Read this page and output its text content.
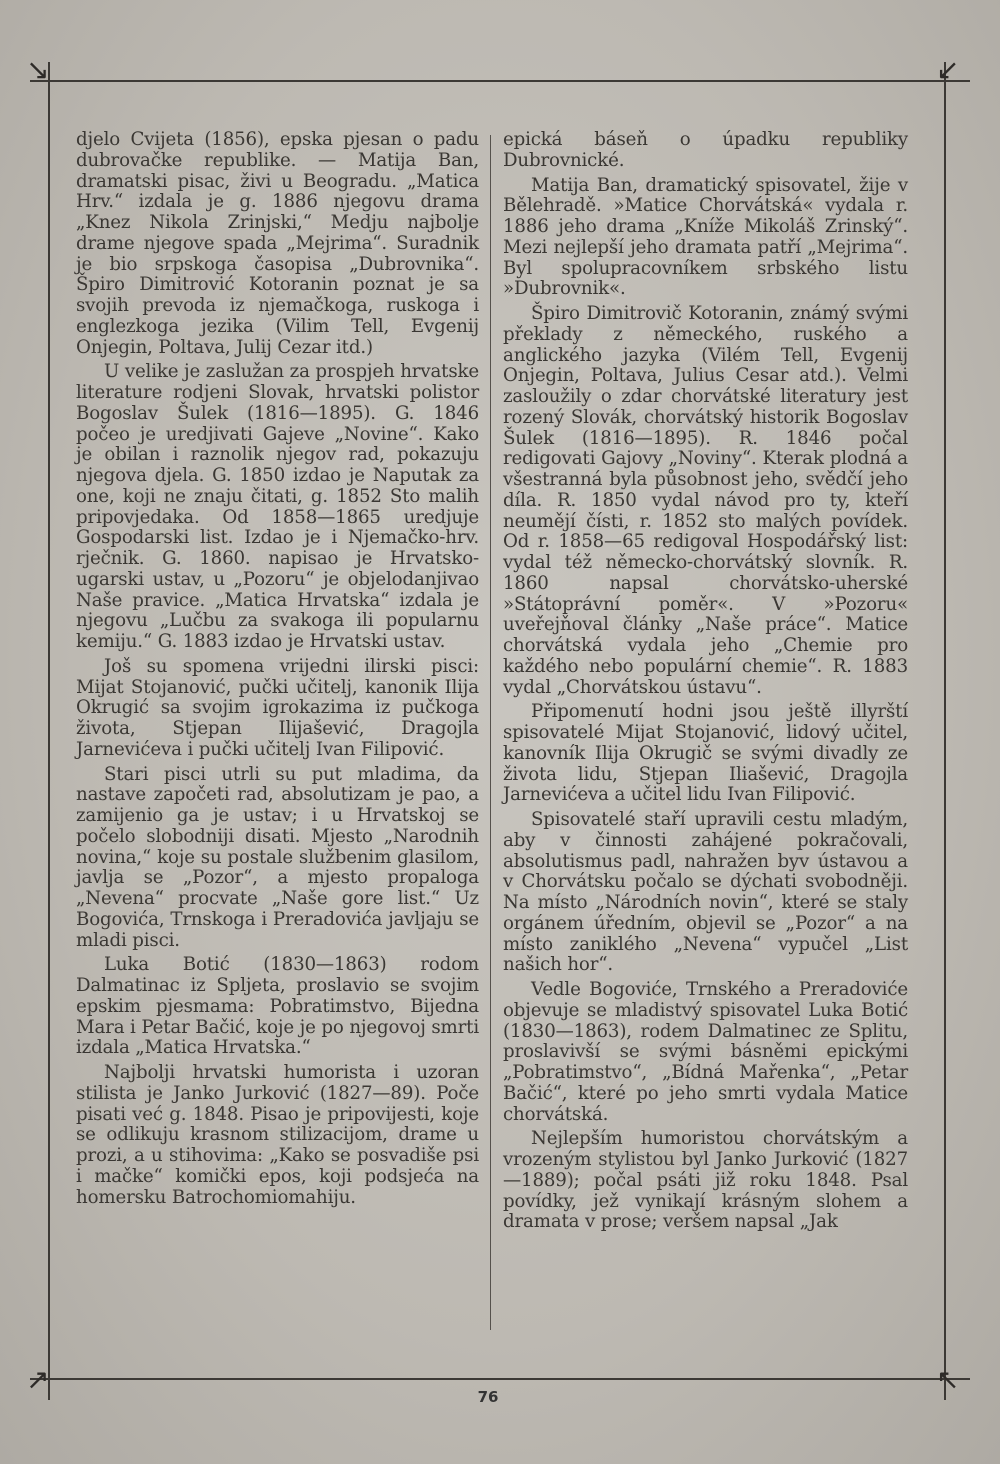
↘	↙
↗	↖

djelo Cvijeta (1856), epska pjesan o padu dubrovačke republike. — Matija Ban, dramatski pisac, živi u Beogradu. „Matica Hrv.“ izdala je g. 1886 njegovu drama „Knez Nikola Zrinjski,“ Medju najbolje drame njegove spada „Mejrima“. Suradnik je bio srpskoga časopisa „Dubrovnika“. Špiro Dimitrović Kotoranin poznat je sa svojih prevoda iz njemačkoga, ruskoga i englezkoga jezika (Vilim Tell, Evgenij Onjegin, Poltava, Julij Cezar itd.)

U velike je zaslužan za prospjeh hrvatske literature rodjeni Slovak, hrvatski polistor Bogoslav Šulek (1816—1895). G. 1846 počeo je uredjivati Gajeve „Novine“. Kako je obilan i raznolik njegov rad, pokazuju njegova djela. G. 1850 izdao je Naputak za one, koji ne znaju čitati, g. 1852 Sto malih pripovjedaka. Od 1858—1865 uredjuje Gospodarski list. Izdao je i Njemačko-hrv. rječnik. G. 1860. napisao je Hrvatsko-ugarski ustav, u „Pozoru“ je objelodanjivao Naše pravice. „Matica Hrvatska“ izdala je njegovu „Lučbu za svakoga ili popularnu kemiju.“ G. 1883 izdao je Hrvatski ustav.

Još su spomena vrijedni ilirski pisci: Mijat Stojanović, pučki učitelj, kanonik Ilija Okrugić sa svojim igrokazima iz pučkoga života, Stjepan Ilijašević, Dragojla Jarnevićeva i pučki učitelj Ivan Filipović.

Stari pisci utrli su put mladima, da nastave započeti rad, absolutizam je pao, a zamijenio ga je ustav; i u Hrvatskoj se počelo slobodniji disati. Mjesto „Narodnih novina,“ koje su postale službenim glasilom, javlja se „Pozor“, a mjesto propaloga „Nevena“ procvate „Naše gore list.“ Uz Bogovića, Trnskoga i Preradovića javljaju se mladi pisci.

Luka Botić (1830—1863) rodom Dalmatinac iz Spljeta, proslavio se svojim epskim pjesmama: Pobratimstvo, Bijedna Mara i Petar Bačić, koje je po njegovoj smrti izdala „Matica Hrvatska.“

Najbolji hrvatski humorista i uzoran stilista je Janko Jurković (1827—89). Poče pisati već g. 1848. Pisao je pripovijesti, koje se odlikuju krasnom stilizacijom, drame u prozi, a u stihovima: „Kako se posvadiše psi i mačke“ komički epos, koji podsjeća na homersku Batrochomiomahiju.

epická báseň o úpadku republiky Dubrovnické.

Matija Ban, dramatický spisovatel, žije v Bělehradě. »Matice Chorvátská« vydala r. 1886 jeho drama „Kníže Mikoláš Zrinský“. Mezi nejlepší jeho dramata patří „Mejrima“. Byl spolupracovníkem srbského listu »Dubrovnik«.

Špiro Dimitrovič Kotoranin, známý svými překlady z německého, ruského a anglického jazyka (Vilém Tell, Evgenij Onjegin, Poltava, Julius Cesar atd.). Velmi zasloužily o zdar chorvátské literatury jest rozený Slovák, chorvátský historik Bogoslav Šulek (1816—1895). R. 1846 počal redigovati Gajovy „Noviny“. Kterak plodná a všestranná byla působnost jeho, svědčí jeho díla. R. 1850 vydal návod pro ty, kteří neumějí čísti, r. 1852 sto malých povídek. Od r. 1858—65 redigoval Hospodářský list: vydal též německo-chorvátský slovník. R. 1860 napsal chorvátsko-uherské »Státoprávní poměr«. V »Pozoru« uveřejňoval články „Naše práce“. Matice chorvátská vydala jeho „Chemie pro každého nebo populární chemie“. R. 1883 vydal „Chorvátskou ústavu“.

Připomenutí hodni jsou ještě illyrští spisovatelé Mijat Stojanović, lidový učitel, kanovník Ilija Okrugič se svými divadly ze života lidu, Stjepan Iliašević, Dragojla Jarnevićeva a učitel lidu Ivan Filipović.

Spisovatelé staří upravili cestu mladým, aby v činnosti zahájené pokračovali, absolutismus padl, nahražen byv ústavou a v Chorvátsku počalo se dýchati svobodněji. Na místo „Národních novin“, které se staly orgánem úředním, objevil se „Pozor“ a na místo zaniklého „Nevena“ vypučel „List našich hor“.

Vedle Bogoviće, Trnského a Preradoviće objevuje se mladistvý spisovatel Luka Botić (1830—1863), rodem Dalmatinec ze Splitu, proslavivší se svými básněmi epickými „Pobratimstvo“, „Bídná Mařenka“, „Petar Bačić“, které po jeho smrti vydala Matice chorvátská.

Nejlepším humoristou chorvátským a vrozeným stylistou byl Janko Jurković (1827—1889); počal psáti již roku 1848. Psal povídky, jež vynikají krásným slohem a dramata v prose; veršem napsal „Jak

76
